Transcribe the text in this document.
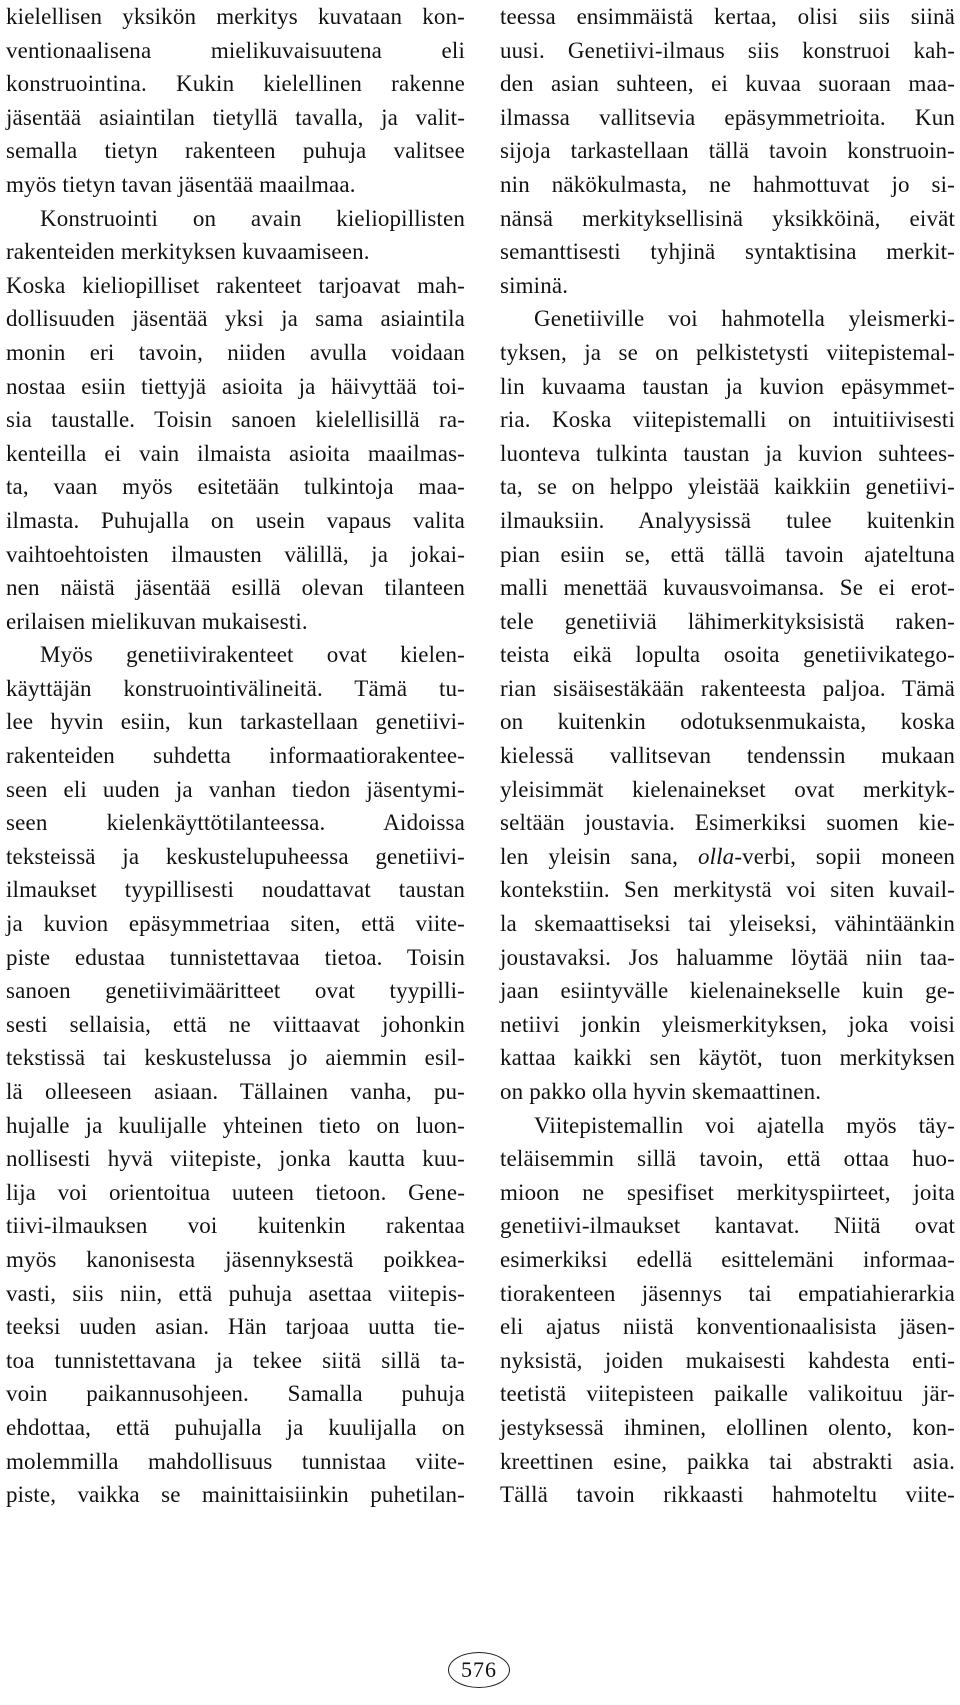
kielellisen yksikön merkitys kuvataan kon-
ventionaalisena mielikuvaisuutena eli
konstruointina. Kukin kielellinen rakenne
jäsentää asiaintilan tietyllä tavalla, ja valit-
semalla tietyn rakenteen puhuja valitsee
myös tietyn tavan jäsentää maailmaa.
Konstruointi on avain kieliopillisten
rakenteiden merkityksen kuvaamiseen.
Koska kieliopilliset rakenteet tarjoavat mah-
dollisuuden jäsentää yksi ja sama asiaintila
monin eri tavoin, niiden avulla voidaan
nostaa esiin tiettyjä asioita ja häivyttää toi-
sia taustalle. Toisin sanoen kielellisillä ra-
kenteilla ei vain ilmaista asioita maailmas-
ta, vaan myös esitetään tulkintoja maa-
ilmasta. Puhujalla on usein vapaus valita
vaihtoehtoisten ilmausten välillä, ja jokai-
nen näistä jäsentää esillä olevan tilanteen
erilaisen mielikuvan mukaisesti.
Myös genetiivirakenteet ovat kielen-
käyttäjän konstruointivälineitä. Tämä tu-
lee hyvin esiin, kun tarkastellaan genetiivi-
rakenteiden suhdetta informaatiorakentee-
seen eli uuden ja vanhan tiedon jäsentymi-
seen kielenkäyttötilanteessa. Aidoissa
teksteissä ja keskustelupuheessa genetiivi-
ilmaukset tyypillisesti noudattavat taustan
ja kuvion epäsymmetriaa siten, että viite-
piste edustaa tunnistettavaa tietoa. Toisin
sanoen genetiivimääritteet ovat tyypilli-
sesti sellaisia, että ne viittaavat johonkin
tekstissä tai keskustelussa jo aiemmin esil-
lä olleeseen asiaan. Tällainen vanha, pu-
hujalle ja kuulijalle yhteinen tieto on luon-
nollisesti hyvä viitepiste, jonka kautta kuu-
lija voi orientoitua uuteen tietoon. Gene-
tiivi-ilmauksen voi kuitenkin rakentaa
myös kanonisesta jäsennyksestä poikkea-
vasti, siis niin, että puhuja asettaa viitepis-
teeksi uuden asian. Hän tarjoaa uutta tie-
toa tunnistettavana ja tekee siitä sillä ta-
voin paikannusohjeen. Samalla puhuja
ehdottaa, että puhujalla ja kuulijalla on
molemmilla mahdollisuus tunnistaa viite-
piste, vaikka se mainittaisiinkin puhetilan-
teessa ensimmäistä kertaa, olisi siis siinä
uusi. Genetiivi-ilmaus siis konstruoi kah-
den asian suhteen, ei kuvaa suoraan maa-
ilmassa vallitsevia epäsymmetrioita. Kun
sijoja tarkastellaan tällä tavoin konstruoin-
nin näkökulmasta, ne hahmottuvat jo si-
nänsä merkityksellisinä yksikköinä, eivät
semanttisesti tyhjinä syntaktisina merkit-
siminä.
Genetiiville voi hahmotella yleismerki-
tyksen, ja se on pelkistetysti viitepistemal-
lin kuvaama taustan ja kuvion epäsymmet-
ria. Koska viitepistemalli on intuitiivisesti
luonteva tulkinta taustan ja kuvion suhtees-
ta, se on helppo yleistää kaikkiin genetiivi-
ilmauksiin. Analyysissä tulee kuitenkin
pian esiin se, että tällä tavoin ajateltuna
malli menettää kuvausvoimansa. Se ei erot-
tele genetiiviä lähimerkityksisistä raken-
teista eikä lopulta osoita genetiivikatego-
rian sisäisestäkään rakenteesta paljoa. Tämä
on kuitenkin odotuksenmukaista, koska
kielessä vallitsevan tendenssin mukaan
yleisimmät kielenainekset ovat merkityk-
seltään joustavia. Esimerkiksi suomen kie-
len yleisin sana, olla-verbi, sopii moneen
kontekstiin. Sen merkitystä voi siten kuvail-
la skemaattiseksi tai yleiseksi, vähintäänkin
joustavaksi. Jos haluamme löytää niin taa-
jaan esiintyvälle kielenainekselle kuin ge-
netiivi jonkin yleismerkityksen, joka voisi
kattaa kaikki sen käytöt, tuon merkityksen
on pakko olla hyvin skemaattinen.
Viitepistemallin voi ajatella myös täy-
teläisemmin sillä tavoin, että ottaa huo-
mioon ne spesifiset merkityspiirteet, joita
genetiivi-ilmaukset kantavat. Niitä ovat
esimerkiksi edellä esittelemäni informaa-
tiorakenteen jäsennys tai empatiahierarkia
eli ajatus niistä konventionaalisista jäsen-
nyksistä, joiden mukaisesti kahdesta enti-
teetistä viitepisteen paikalle valikoituu jär-
jestyksessä ihminen, elollinen olento, kon-
kreettinen esine, paikka tai abstrakti asia.
Tällä tavoin rikkaasti hahmoteltu viite-
576
